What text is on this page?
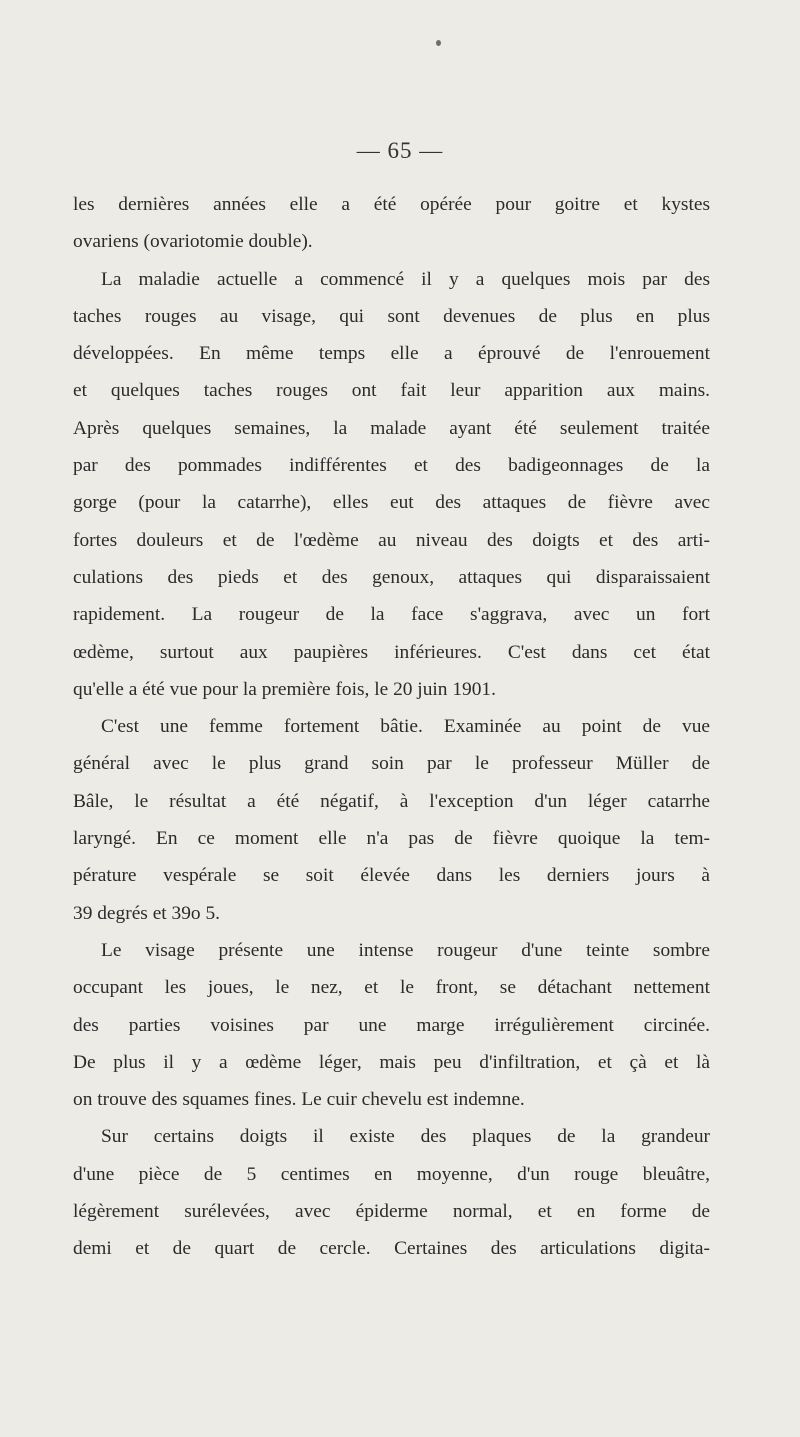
— 65 —
les dernières années elle a été opérée pour goitre et kystes
ovariens (ovariotomie double).
La maladie actuelle a commencé il y a quelques mois par des
taches rouges au visage, qui sont devenues de plus en plus
développées. En même temps elle a éprouvé de l'enrouement
et quelques taches rouges ont fait leur apparition aux mains.
Après quelques semaines, la malade ayant été seulement traitée
par des pommades indifférentes et des badigeonnages de la
gorge (pour la catarrhe), elles eut des attaques de fièvre avec
fortes douleurs et de l'œdème au niveau des doigts et des arti-
culations des pieds et des genoux, attaques qui disparaissaient
rapidement. La rougeur de la face s'aggrava, avec un fort
œdème, surtout aux paupières inférieures. C'est dans cet état
qu'elle a été vue pour la première fois, le 20 juin 1901.
C'est une femme fortement bâtie. Examinée au point de vue
général avec le plus grand soin par le professeur Müller de
Bâle, le résultat a été négatif, à l'exception d'un léger catarrhe
laryngé. En ce moment elle n'a pas de fièvre quoique la tem-
pérature vespérale se soit élevée dans les derniers jours à
39 degrés et 39o 5.
Le visage présente une intense rougeur d'une teinte sombre
occupant les joues, le nez, et le front, se détachant nettement
des parties voisines par une marge irrégulièrement circinée.
De plus il y a œdème léger, mais peu d'infiltration, et çà et là
on trouve des squames fines. Le cuir chevelu est indemne.
Sur certains doigts il existe des plaques de la grandeur
d'une pièce de 5 centimes en moyenne, d'un rouge bleuâtre,
légèrement surélevées, avec épiderme normal, et en forme de
demi et de quart de cercle. Certaines des articulations digita-
